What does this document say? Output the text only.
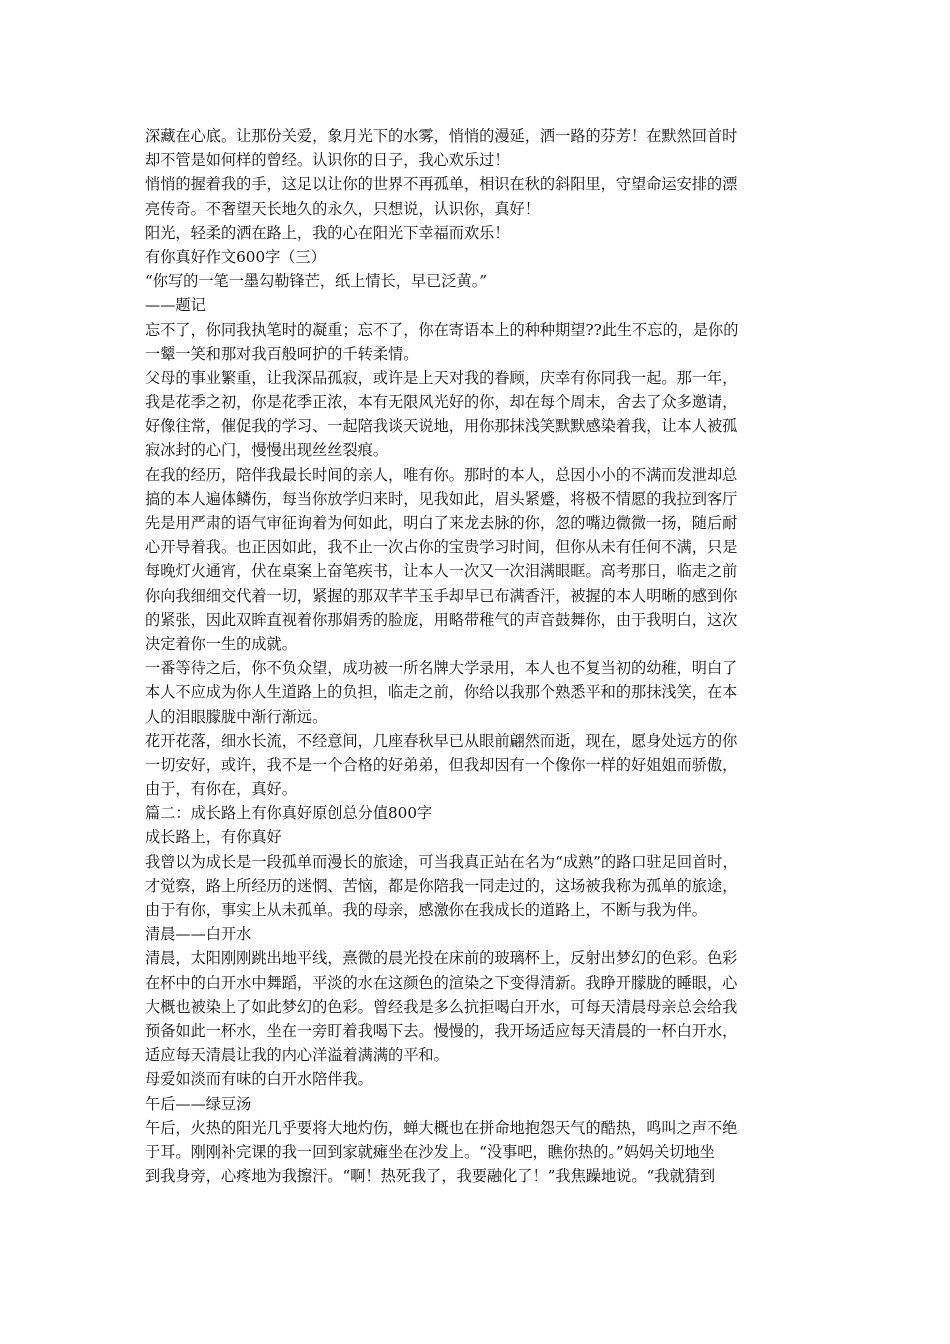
深藏在心底。让那份关爱，象月光下的水雾，悄悄的漫延，洒一路的芬芳！在默然回首时
却不管是如何样的曾经。认识你的日子，我心欢乐过！
悄悄的握着我的手，这足以让你的世界不再孤单，相识在秋的斜阳里，守望命运安排的漂
亮传奇。不奢望天长地久的永久，只想说，认识你，真好！
阳光，轻柔的洒在路上，我的心在阳光下幸福而欢乐！
有你真好作文600字（三）
“你写的一笔一墨勾勒锋芒，纸上情长，早已泛黄。”
——题记
忘不了，你同我执笔时的凝重；忘不了，你在寄语本上的种种期望??此生不忘的，是你的
一颦一笑和那对我百般呵护的千转柔情。
父母的事业繁重，让我深品孤寂，或许是上天对我的眷顾，庆幸有你同我一起。那一年，
我是花季之初，你是花季正浓，本有无限风光好的你，却在每个周末，舍去了众多邀请，
好像往常，催促我的学习、一起陪我谈天说地，用你那抹浅笑默默感染着我，让本人被孤
寂冰封的心门，慢慢出现丝丝裂痕。
在我的经历，陪伴我最长时间的亲人，唯有你。那时的本人，总因小小的不满而发泄却总
搞的本人遍体鳞伤，每当你放学归来时，见我如此，眉头紧蹙，将极不情愿的我拉到客厅
先是用严肃的语气审征询着为何如此，明白了来龙去脉的你，忽的嘴边微微一扬，随后耐
心开导着我。也正因如此，我不止一次占你的宝贵学习时间，但你从未有任何不满，只是
每晚灯火通宵，伏在桌案上奋笔疾书，让本人一次又一次泪满眼眶。高考那日，临走之前
你向我细细交代着一切，紧握的那双芊芊玉手却早已布满香汗，被握的本人明晰的感到你
的紧张，因此双眸直视着你那娟秀的脸庞，用略带稚气的声音鼓舞你，由于我明白，这次
决定着你一生的成就。
一番等待之后，你不负众望，成功被一所名牌大学录用，本人也不复当初的幼稚，明白了
本人不应成为你人生道路上的负担，临走之前，你给以我那个熟悉平和的那抹浅笑，在本
人的泪眼朦胧中渐行渐远。
花开花落，细水长流，不经意间，几座春秋早已从眼前翩然而逝，现在，愿身处远方的你
一切安好，或许，我不是一个合格的好弟弟，但我却因有一个像你一样的好姐姐而骄傲，
由于，有你在，真好。
篇二：成长路上有你真好原创总分值800字
成长路上，有你真好
我曾以为成长是一段孤单而漫长的旅途，可当我真正站在名为“成熟”的路口驻足回首时，
才觉察，路上所经历的迷惘、苦恼，都是你陪我一同走过的，这场被我称为孤单的旅途，
由于有你，事实上从未孤单。我的母亲，感激你在我成长的道路上，不断与我为伴。
清晨——白开水
清晨，太阳刚刚跳出地平线，熹微的晨光投在床前的玻璃杯上，反射出梦幻的色彩。色彩
在杯中的白开水中舞蹈，平淡的水在这颜色的渲染之下变得清新。我睁开朦胧的睡眼，心
大概也被染上了如此梦幻的色彩。曾经我是多么抗拒喝白开水，可每天清晨母亲总会给我
预备如此一杯水，坐在一旁盯着我喝下去。慢慢的，我开场适应每天清晨的一杯白开水，
适应每天清晨让我的内心洋溢着满满的平和。
母爱如淡而有味的白开水陪伴我。
午后——绿豆汤
午后，火热的阳光几乎要将大地灼伤，蝉大概也在拼命地抱怨天气的酷热，鸣叫之声不绝
于耳。刚刚补完课的我一回到家就瘫坐在沙发上。“没事吧，瞧你热的。”妈妈关切地坐
到我身旁，心疼地为我擦汗。“啊！热死我了，我要融化了！”我焦躁地说。“我就猜到
